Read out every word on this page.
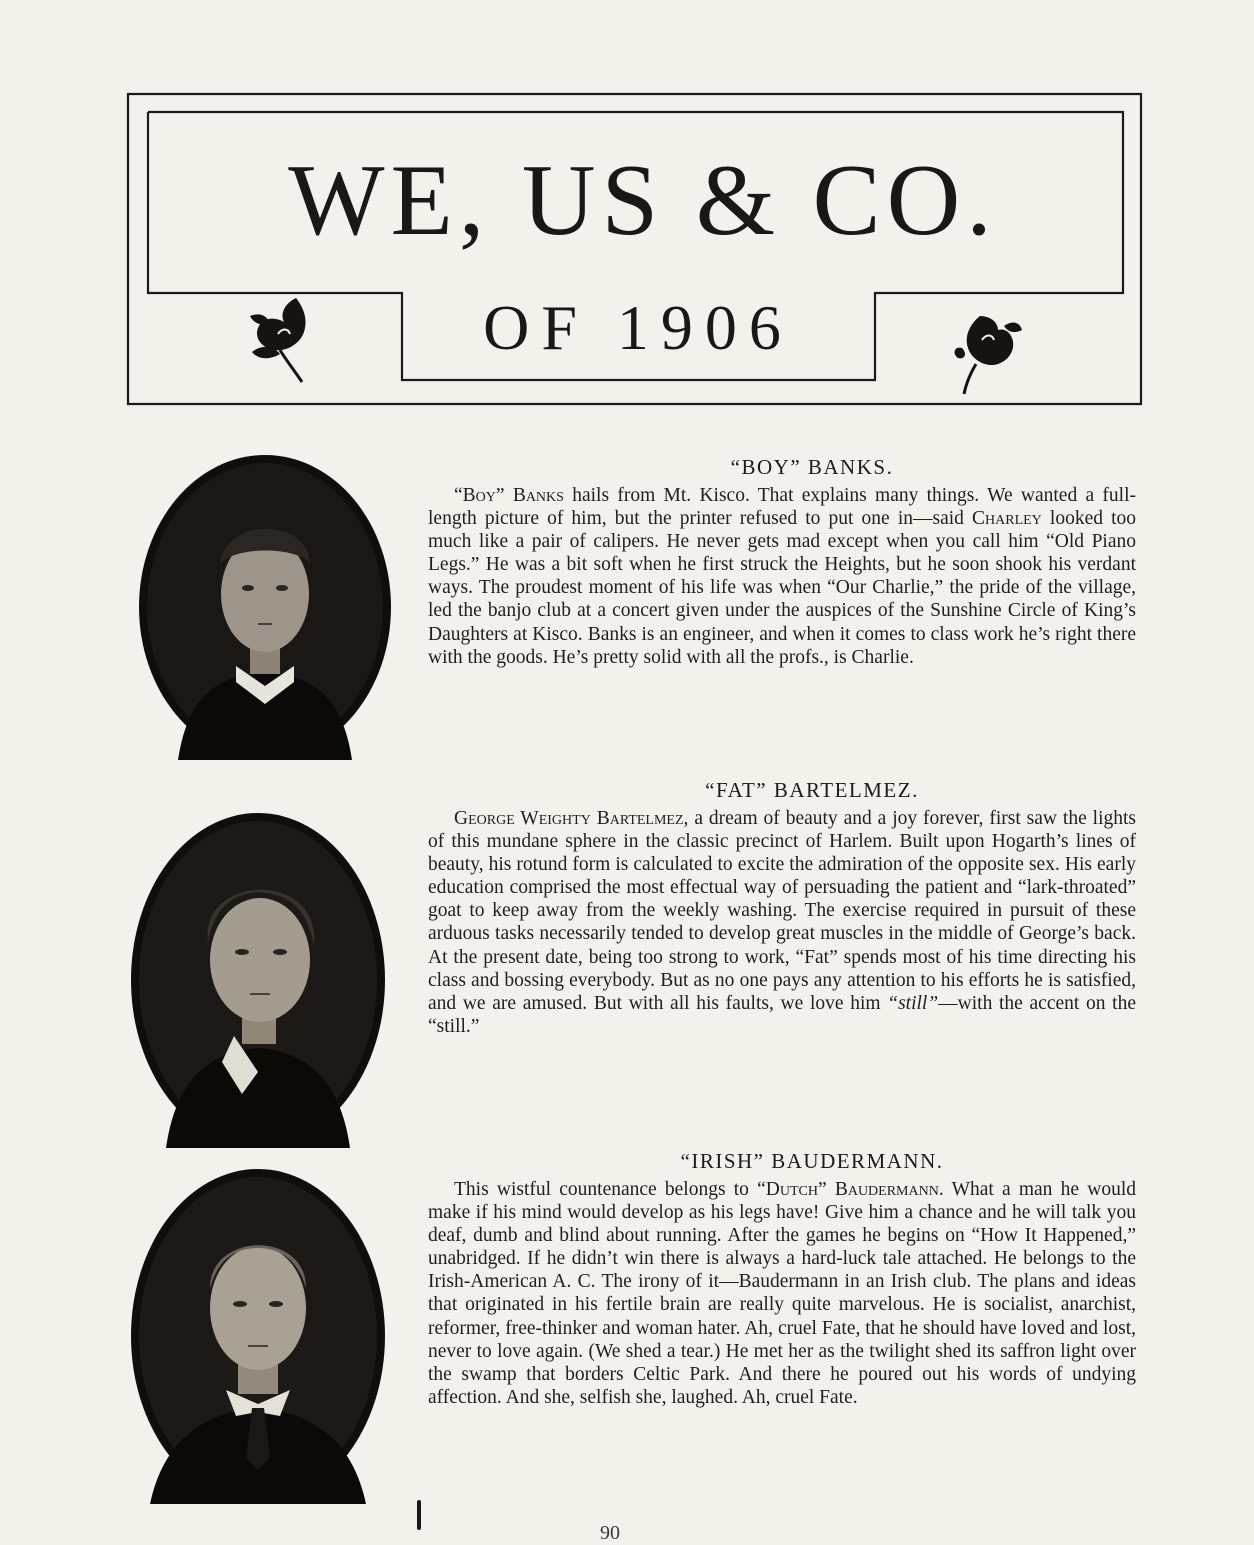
WE, US & CO.
OF 1906
“BOY” BANKS.

“Boy” Banks hails from Mt. Kisco. That explains many things. We wanted a full-length picture of him, but the printer refused to put one in—said Charley looked too much like a pair of calipers. He never gets mad except when you call him “Old Piano Legs.” He was a bit soft when he first struck the Heights, but he soon shook his verdant ways. The proudest moment of his life was when “Our Charlie,” the pride of the village, led the banjo club at a concert given under the auspices of the Sunshine Circle of King’s Daughters at Kisco. Banks is an engineer, and when it comes to class work he’s right there with the goods. He’s pretty solid with all the profs., is Charlie.

“FAT” BARTELMEZ.

George Weighty Bartelmez, a dream of beauty and a joy forever, first saw the lights of this mundane sphere in the classic precinct of Harlem. Built upon Hogarth’s lines of beauty, his rotund form is calculated to excite the admiration of the opposite sex. His early education comprised the most effectual way of persuading the patient and “lark-throated” goat to keep away from the weekly washing. The exercise required in pursuit of these arduous tasks necessarily tended to develop great muscles in the middle of George’s back. At the present date, being too strong to work, “Fat” spends most of his time directing his class and bossing everybody. But as no one pays any attention to his efforts he is satisfied, and we are amused. But with all his faults, we love him “still”—with the accent on the “still.”

“IRISH” BAUDERMANN.

This wistful countenance belongs to “Dutch” Baudermann. What a man he would make if his mind would develop as his legs have! Give him a chance and he will talk you deaf, dumb and blind about running. After the games he begins on “How It Happened,” unabridged. If he didn’t win there is always a hard-luck tale attached. He belongs to the Irish-American A. C. The irony of it—Baudermann in an Irish club. The plans and ideas that originated in his fertile brain are really quite marvelous. He is socialist, anarchist, reformer, free-thinker and woman hater. Ah, cruel Fate, that he should have loved and lost, never to love again. (We shed a tear.) He met her as the twilight shed its saffron light over the swamp that borders Celtic Park. And there he poured out his words of undying affection. And she, selfish she, laughed. Ah, cruel Fate.

90
